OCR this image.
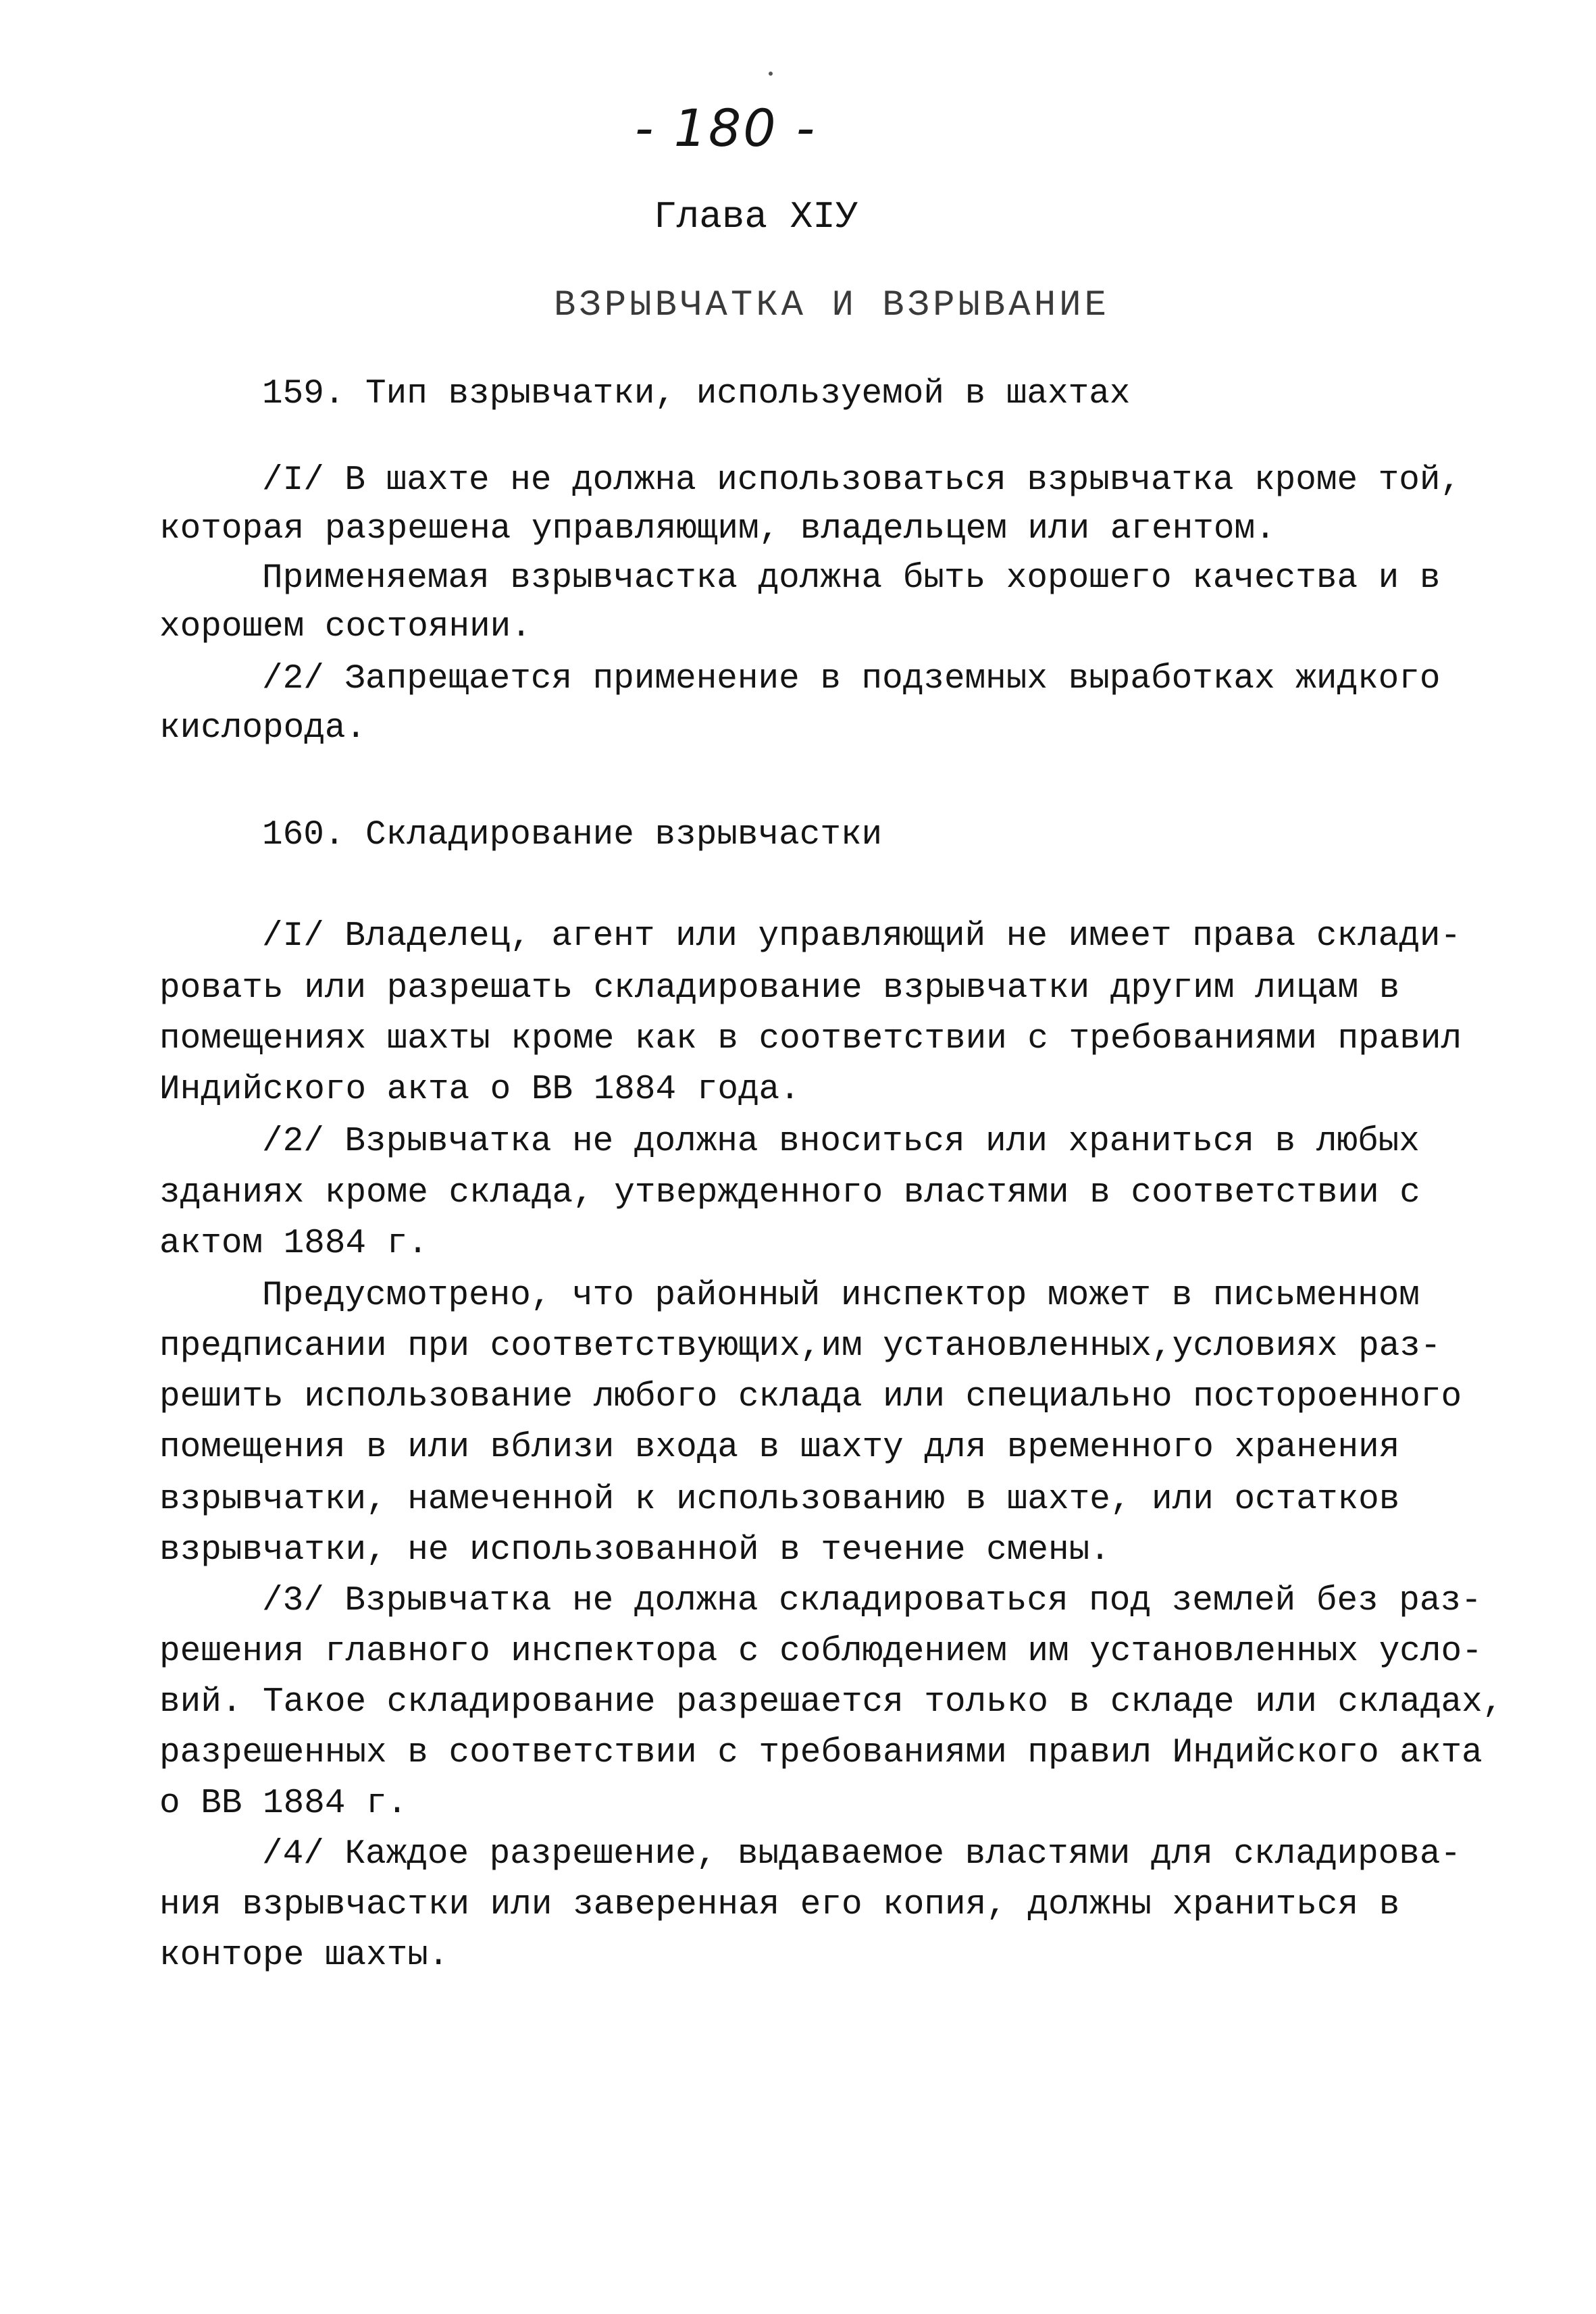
- 180 -
Глава XIУ
ВЗРЫВЧАТКА И ВЗРЫВАНИЕ
159. Тип взрывчатки, используемой в шахтах
/I/ В шахте не должна использоваться взрывчатка кроме той,
которая разрешена управляющим, владельцем или агентом.
Применяемая взрывчастка должна быть хорошего качества и в
хорошем состоянии.
/2/ Запрещается применение в подземных выработках жидкого
кислорода.
160. Складирование взрывчастки
/I/ Владелец, агент или управляющий не имеет права склади-
ровать или разрешать складирование взрывчатки другим лицам в
помещениях шахты кроме как в соответствии с требованиями правил
Индийского акта о ВВ 1884 года.
/2/ Взрывчатка не должна вноситься или храниться в любых
зданиях кроме склада, утвержденного властями в соответствии с
актом 1884 г.
Предусмотрено, что районный инспектор может в письменном
предписании при соответствующих,им установленных,условиях раз-
решить использование любого склада или специально постороенного
помещения в или вблизи входа в шахту для временного хранения
взрывчатки, намеченной к использованию в шахте, или остатков
взрывчатки, не использованной в течение смены.
/3/ Взрывчатка не должна складироваться под землей без раз-
решения главного инспектора с соблюдением им установленных усло-
вий. Такое складирование разрешается только в складе или складах,
разрешенных в соответствии с требованиями правил Индийского акта
о ВВ 1884 г.
/4/ Каждое разрешение, выдаваемое властями для складирова-
ния взрывчастки или заверенная его копия, должны храниться в
конторе шахты.
